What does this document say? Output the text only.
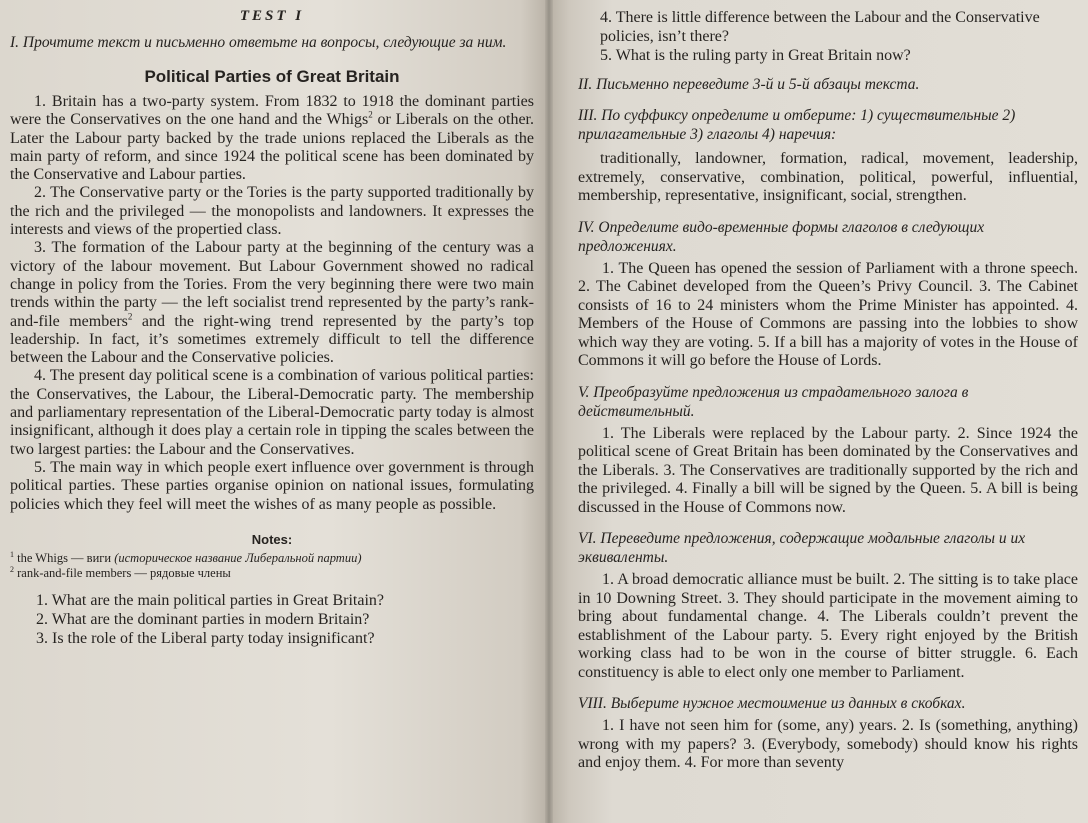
TEST I

I. Прочтите текст и письменно ответьте на вопросы, следующие за ним.

Political Parties of Great Britain

1. Britain has a two-party system. From 1832 to 1918 the dominant parties were the Conservatives on the one hand and the Whigs$^2$ or Liberals on the other. Later the Labour party backed by the trade unions replaced the Liberals as the main party of reform, and since 1924 the political scene has been dominated by the Conservative and Labour parties.

2. The Conservative party or the Tories is the party supported traditionally by the rich and the privileged — the monopolists and landowners. It expresses the interests and views of the propertied class.

3. The formation of the Labour party at the beginning of the century was a victory of the labour movement. But Labour Government showed no radical change in policy from the Tories. From the very beginning there were two main trends within the party — the left socialist trend represented by the party’s rank-and-file members$^2$ and the right-wing trend represented by the party’s top leadership. In fact, it’s sometimes extremely difficult to tell the difference between the Labour and the Conservative policies.

4. The present day political scene is a combination of various political parties: the Conservatives, the Labour, the Liberal-Democratic party. The membership and parliamentary representation of the Liberal-Democratic party today is almost insignificant, although it does play a certain role in tipping the scales between the two largest parties: the Labour and the Conservatives.

5. The main way in which people exert influence over government is through political parties. These parties organise opinion on national issues, formulating policies which they feel will meet the wishes of as many people as possible.

Notes:

$^1$ the Whigs — виги (историческое название Либеральной партии)

$^2$ rank-and-file members — рядовые члены

1. What are the main political parties in Great Britain?

2. What are the dominant parties in modern Britain?

3. Is the role of the Liberal party today insignificant?

4. There is little difference between the Labour and the Conservative policies, isn’t there?

5. What is the ruling party in Great Britain now?

II. Письменно переведите 3-й и 5-й абзацы текста.

III. По суффиксу определите и отберите: 1) существительные 2) прилагательные 3) глаголы 4) наречия:

traditionally, landowner, formation, radical, movement, leadership, extremely, conservative, combination, political, powerful, influential, membership, representative, insignificant, social, strengthen.

IV. Определите видо-временные формы глаголов в следующих предложениях.

1. The Queen has opened the session of Parliament with a throne speech. 2. The Cabinet developed from the Queen’s Privy Council. 3. The Cabinet consists of 16 to 24 ministers whom the Prime Minister has appointed. 4. Members of the House of Commons are passing into the lobbies to show which way they are voting. 5. If a bill has a majority of votes in the House of Commons it will go before the House of Lords.

V. Преобразуйте предложения из страдательного залога в действительный.

1. The Liberals were replaced by the Labour party. 2. Since 1924 the political scene of Great Britain has been dominated by the Conservatives and the Liberals. 3. The Conservatives are traditionally supported by the rich and the privileged. 4. Finally a bill will be signed by the Queen. 5. A bill is being discussed in the House of Commons now.

VI. Переведите предложения, содержащие модальные глаголы и их эквиваленты.

1. A broad democratic alliance must be built. 2. The sitting is to take place in 10 Downing Street. 3. They should participate in the movement aiming to bring about fundamental change. 4. The Liberals couldn’t prevent the establishment of the Labour party. 5. Every right enjoyed by the British working class had to be won in the course of bitter struggle. 6. Each constituency is able to elect only one member to Parliament.

VIII. Выберите нужное местоимение из данных в скобках.

1. I have not seen him for (some, any) years. 2. Is (something, anything) wrong with my papers? 3. (Everybody, somebody) should know his rights and enjoy them. 4. For more than seventy
